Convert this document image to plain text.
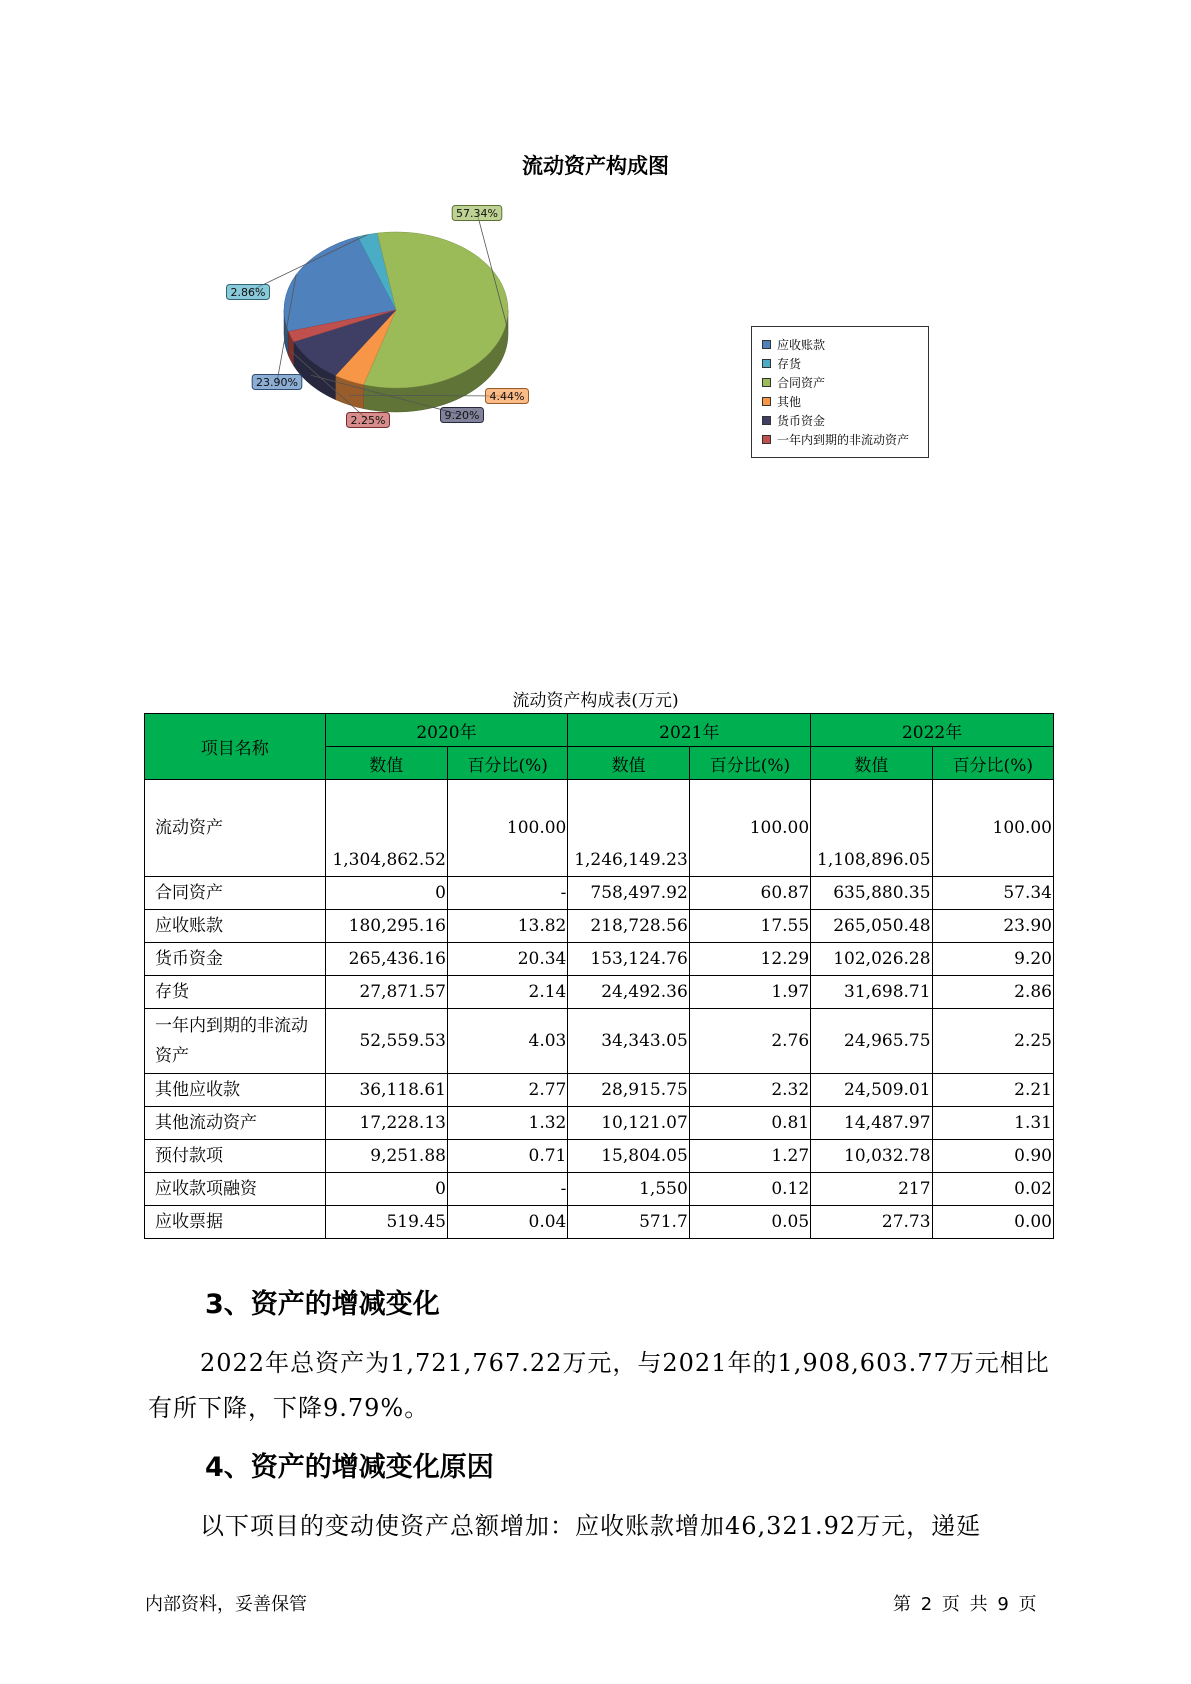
流动资产构成图
23.90%
2.86%
57.34%
4.44%
9.20%
2.25%
应收账款
存货
合同资产
其他
货币资金
一年内到期的非流动资产
流动资产构成表(万元)
项目名称	2020年		2021年		2022年	
	数值	百分比(%)	数值	百分比(%)	数值	百分比(%)
流动资产	1,304,862.52	100.00	1,246,149.23	100.00	1,108,896.05	100.00
合同资产	0	-	758,497.92	60.87	635,880.35	57.34
应收账款	180,295.16	13.82	218,728.56	17.55	265,050.48	23.90
货币资金	265,436.16	20.34	153,124.76	12.29	102,026.28	9.20
存货	27,871.57	2.14	24,492.36	1.97	31,698.71	2.86
一年内到期的非流动资产	52,559.53	4.03	34,343.05	2.76	24,965.75	2.25
其他应收款	36,118.61	2.77	28,915.75	2.32	24,509.01	2.21
其他流动资产	17,228.13	1.32	10,121.07	0.81	14,487.97	1.31
预付款项	9,251.88	0.71	15,804.05	1.27	10,032.78	0.90
应收款项融资	0	-	1,550	0.12	217	0.02
应收票据	519.45	0.04	571.7	0.05	27.73	0.00
3、资产的增减变化
2022年总资产为1,721,767.22万元，与2021年的1,908,603.77万元相比有所下降，下降9.79%。
4、资产的增减变化原因
以下项目的变动使资产总额增加：应收账款增加46,321.92万元，递延
内部资料，妥善保管	第 2 页 共 9 页
